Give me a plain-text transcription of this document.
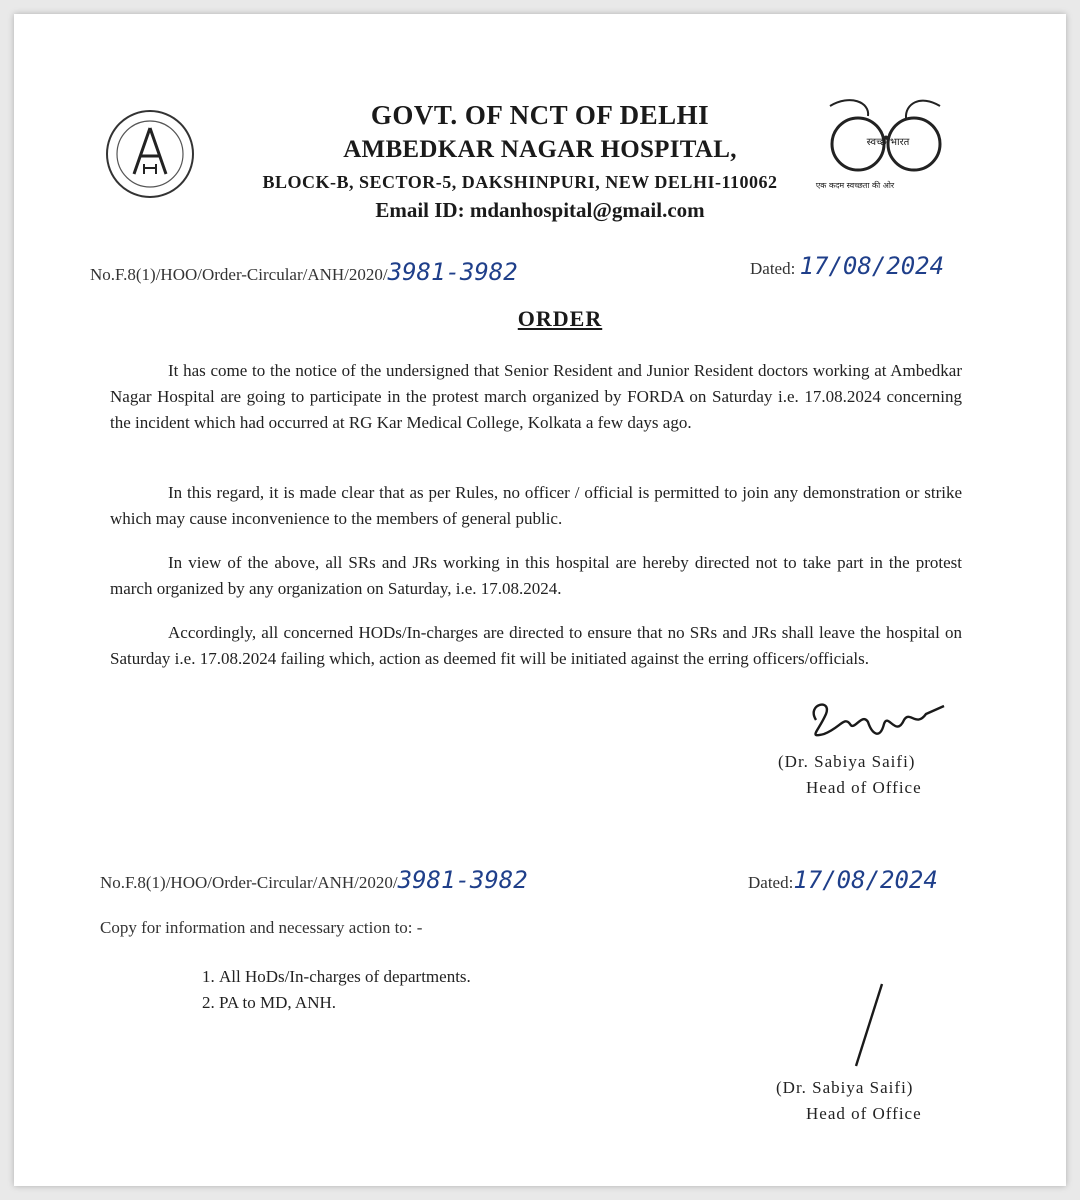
स्वच्छ भारत
एक कदम स्वच्छता की ओर
GOVT. OF NCT OF DELHI
AMBEDKAR NAGAR HOSPITAL,
BLOCK-B, SECTOR-5, DAKSHINPURI, NEW DELHI-110062
Email ID: mdanhospital@gmail.com
No.F.8(1)/HOO/Order-Circular/ANH/2020/3981-3982	Dated: 17/08/2024
ORDER
It has come to the notice of the undersigned that Senior Resident and Junior Resident doctors working at Ambedkar Nagar Hospital are going to participate in the protest march organized by FORDA on Saturday i.e. 17.08.2024 concerning the incident which had occurred at RG Kar Medical College, Kolkata a few days ago.
In this regard, it is made clear that as per Rules, no officer / official is permitted to join any demonstration or strike which may cause inconvenience to the members of general public.
In view of the above, all SRs and JRs working in this hospital are hereby directed not to take part in the protest march organized by any organization on Saturday, i.e. 17.08.2024.
Accordingly, all concerned HODs/In-charges are directed to ensure that no SRs and JRs shall leave the hospital on Saturday i.e. 17.08.2024 failing which, action as deemed fit will be initiated against the erring officers/officials.
(Dr. Sabiya Saifi)
Head of Office
No.F.8(1)/HOO/Order-Circular/ANH/2020/3981-3982	Dated:17/08/2024
Copy for information and necessary action to: -
1. All HoDs/In-charges of departments.
2. PA to MD, ANH.
(Dr. Sabiya Saifi)
Head of Office
